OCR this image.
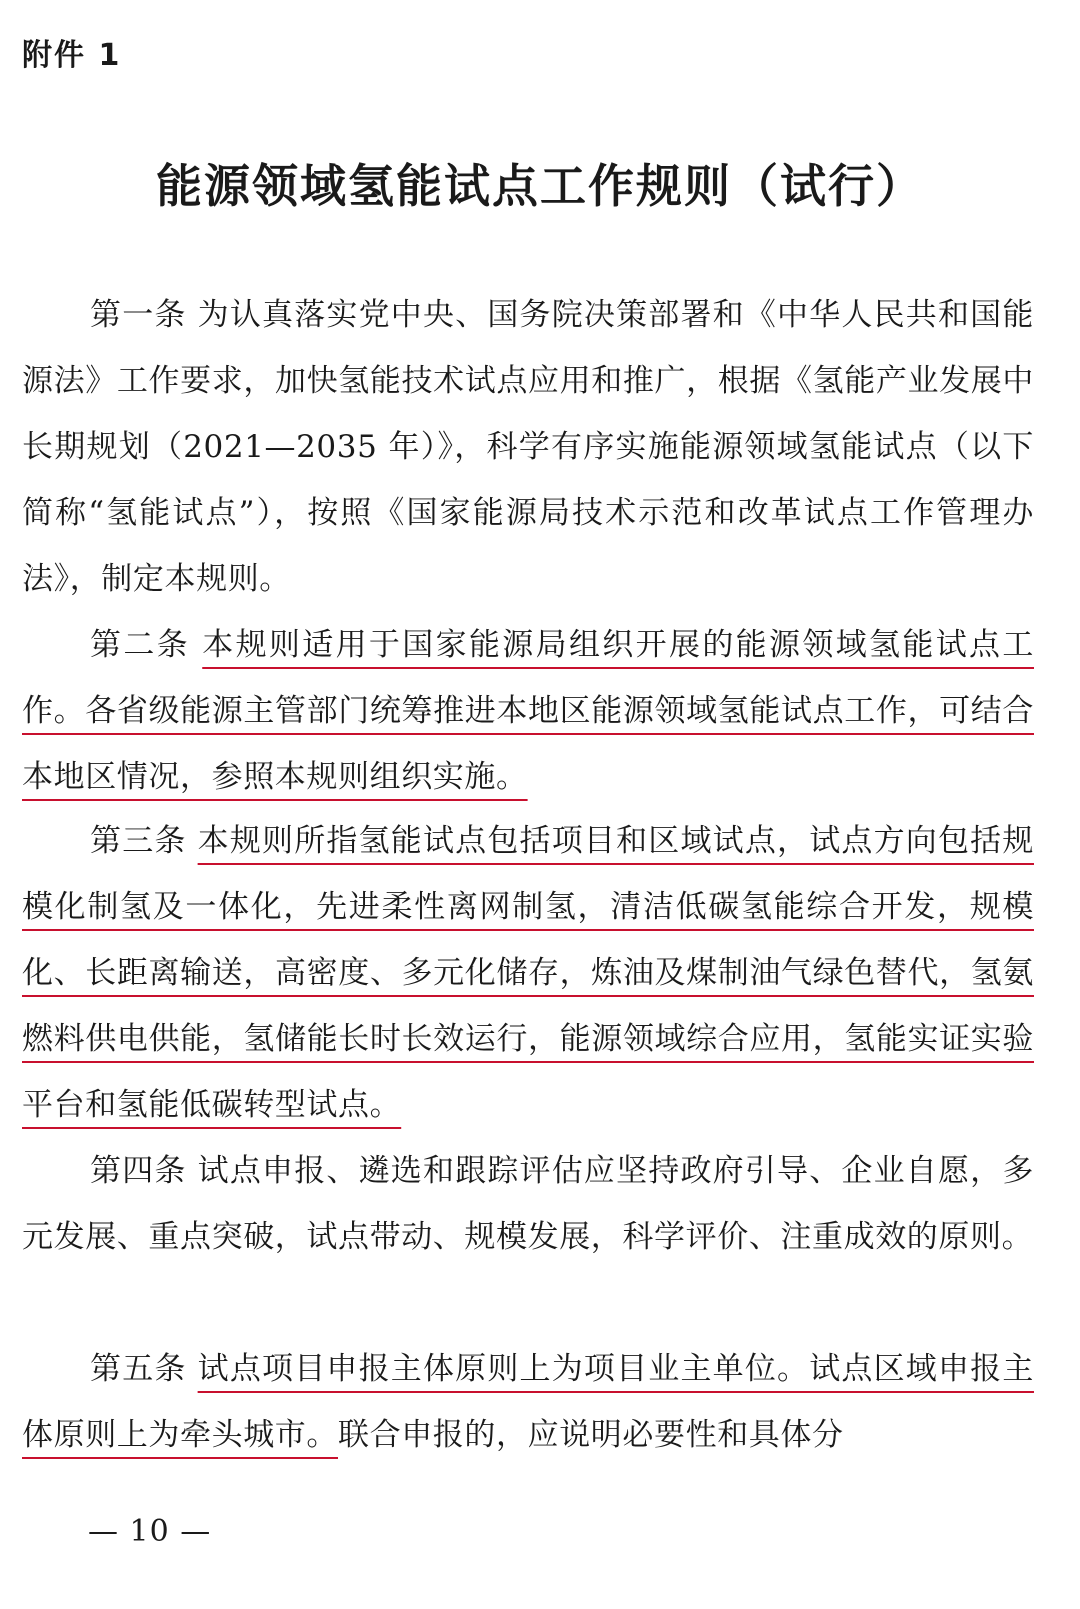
附件 1
能源领域氢能试点工作规则（试行）

第一条 为认真落实党中央、国务院决策部署和《中华人民共和国能源法》工作要求，加快氢能技术试点应用和推广，根据《氢能产业发展中长期规划（2021—2035 年）》，科学有序实施能源领域氢能试点（以下简称“氢能试点”），按照《国家能源局技术示范和改革试点工作管理办法》，制定本规则。

第二条 本规则适用于国家能源局组织开展的能源领域氢能试点工作。各省级能源主管部门统筹推进本地区能源领域氢能试点工作，可结合本地区情况，参照本规则组织实施。

第三条 本规则所指氢能试点包括项目和区域试点，试点方向包括规模化制氢及一体化，先进柔性离网制氢，清洁低碳氢能综合开发，规模化、长距离输送，高密度、多元化储存，炼油及煤制油气绿色替代，氢氨燃料供电供能，氢储能长时长效运行，能源领域综合应用，氢能实证实验平台和氢能低碳转型试点。

第四条 试点申报、遴选和跟踪评估应坚持政府引导、企业自愿，多元发展、重点突破，试点带动、规模发展，科学评价、注重成效的原则。

第五条 试点项目申报主体原则上为项目业主单位。试点区域申报主体原则上为牵头城市。联合申报的，应说明必要性和具体分

— 10 —
